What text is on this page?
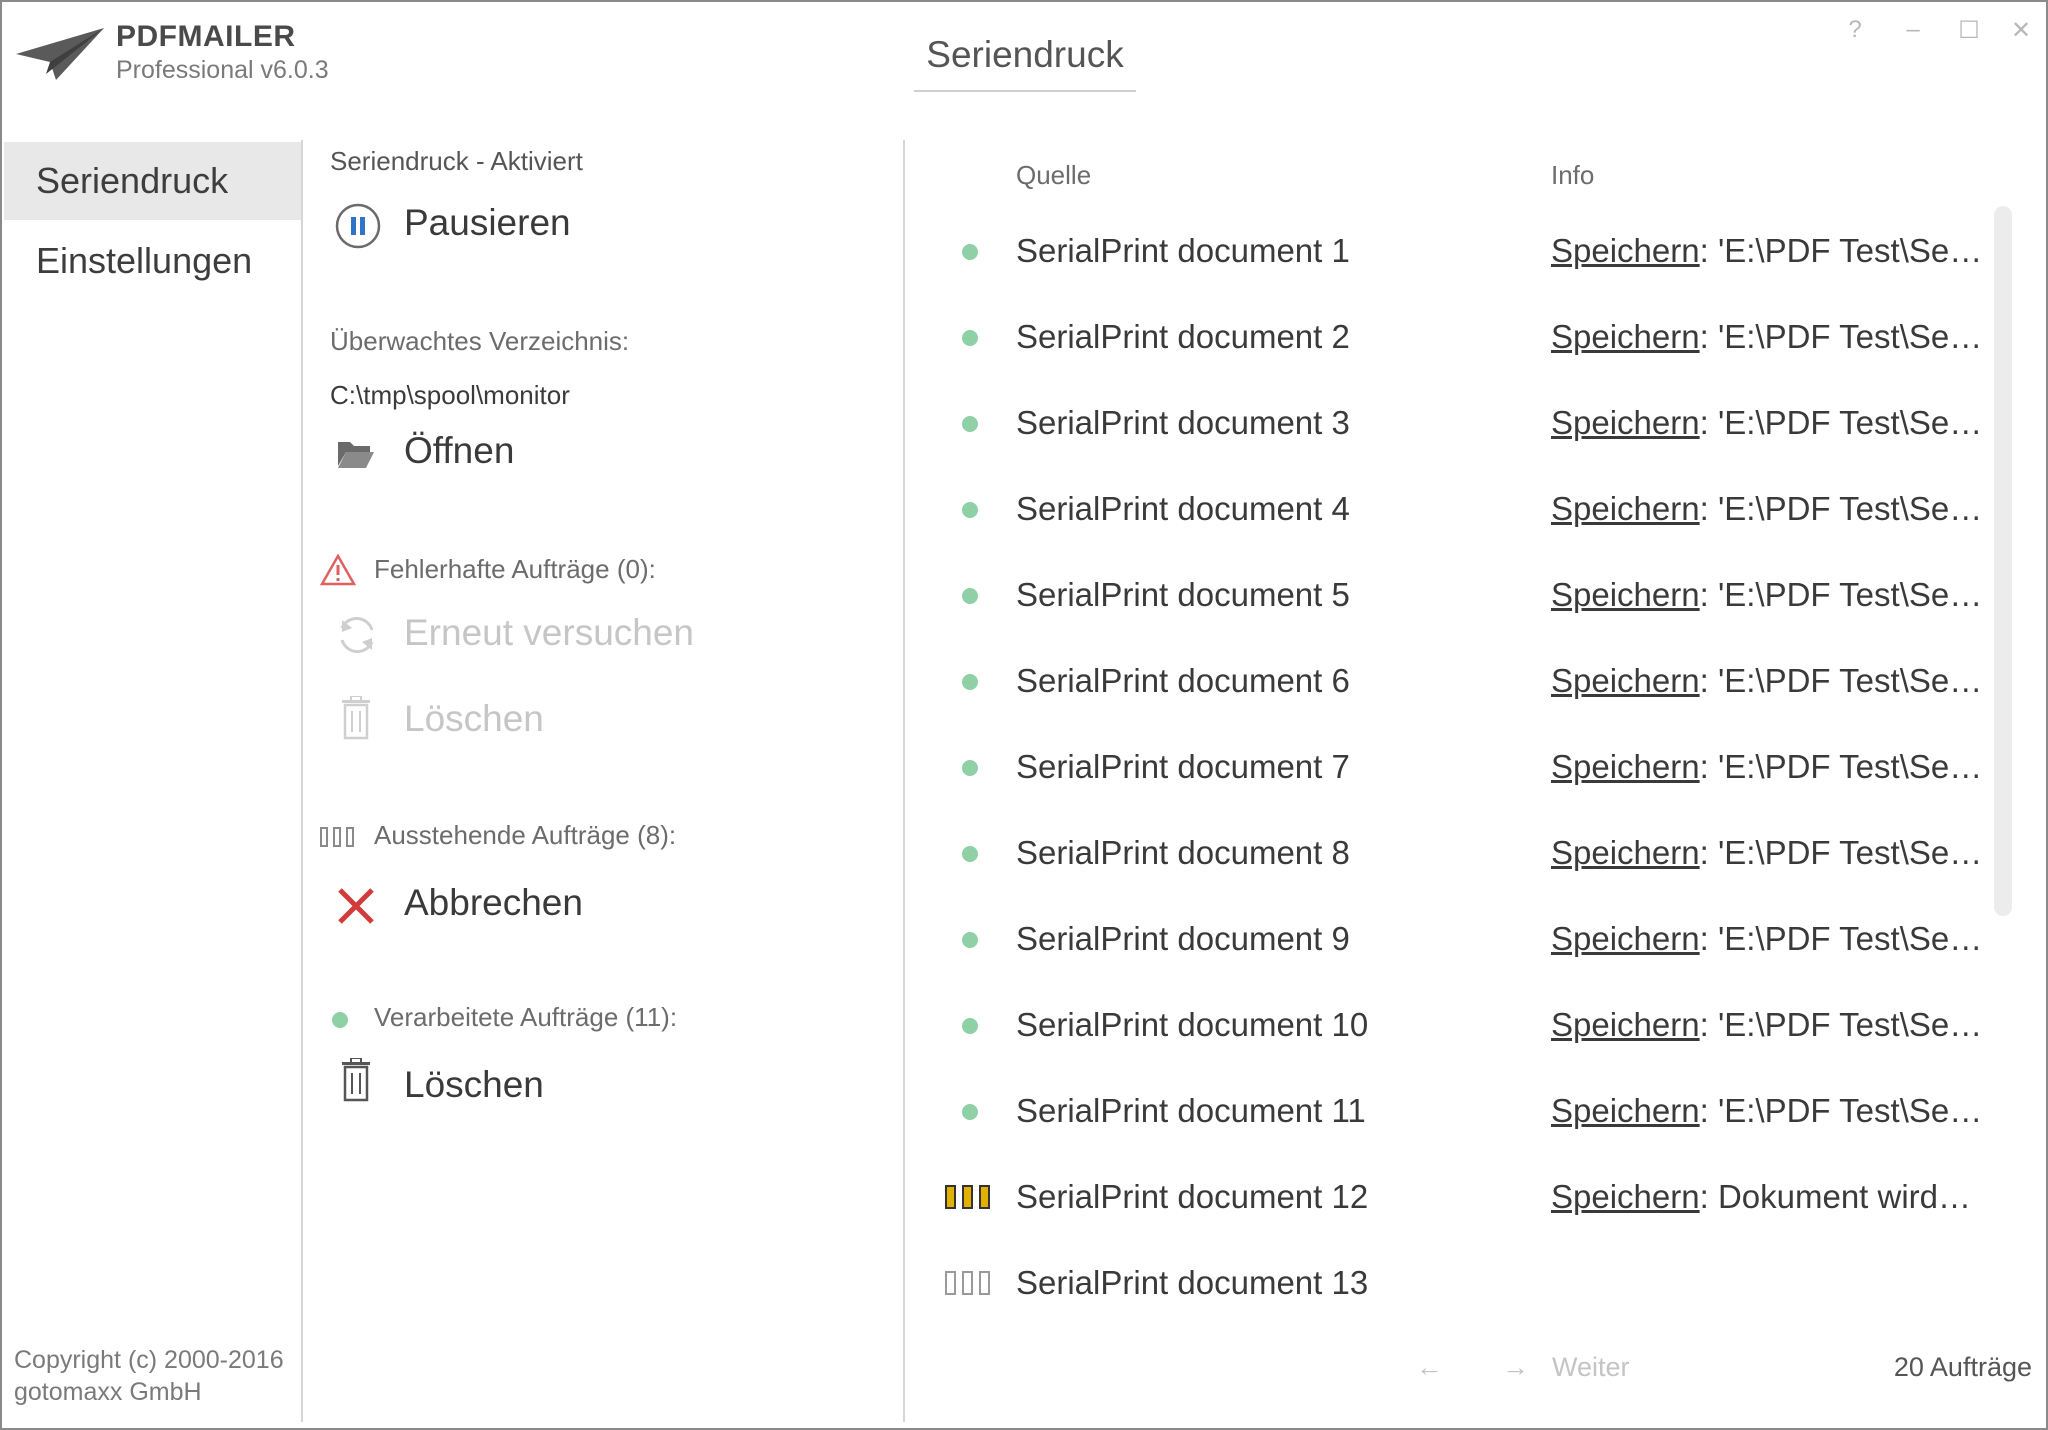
PDFMAILER
Professional v6.0.3	Seriendruck
?	–	☐ ✕
Seriendruck
Einstellungen
Copyright (c) 2000-2016
gotomaxx GmbH
Seriendruck - Aktiviert
Pausieren
Überwachtes Verzeichnis:
C:\tmp\spool\monitor
Öffnen
Fehlerhafte Aufträge (0):
Erneut versuchen
Löschen
Ausstehende Aufträge (8):
Abbrechen
Verarbeitete Aufträge (11):
Löschen
Quelle	Info
SerialPrint document 1	Speichern: 'E:\PDF Test\Se…
SerialPrint document 2	Speichern: 'E:\PDF Test\Se…
SerialPrint document 3	Speichern: 'E:\PDF Test\Se…
SerialPrint document 4	Speichern: 'E:\PDF Test\Se…
SerialPrint document 5	Speichern: 'E:\PDF Test\Se…
SerialPrint document 6	Speichern: 'E:\PDF Test\Se…
SerialPrint document 7	Speichern: 'E:\PDF Test\Se…
SerialPrint document 8	Speichern: 'E:\PDF Test\Se…
SerialPrint document 9	Speichern: 'E:\PDF Test\Se…
SerialPrint document 10	Speichern: 'E:\PDF Test\Se…
SerialPrint document 11	Speichern: 'E:\PDF Test\Se…
SerialPrint document 12	Speichern: Dokument wird…
SerialPrint document 13
← → Weiter	20 Aufträge
